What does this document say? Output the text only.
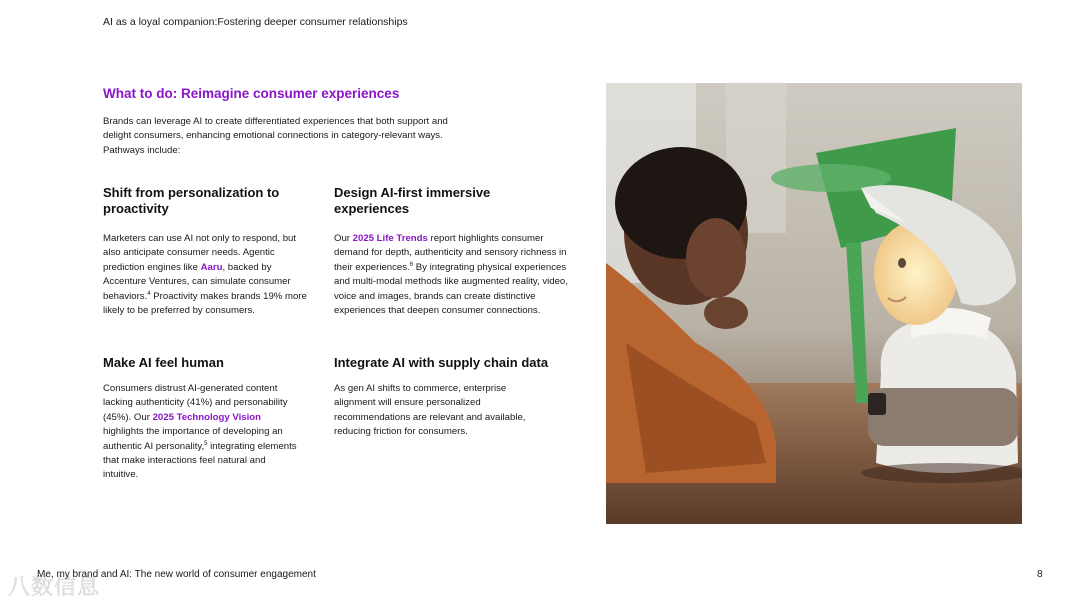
AI as a loyal companion:Fostering deeper consumer relationships
What to do: Reimagine consumer experiences
Brands can leverage AI to create differentiated experiences that both support and delight consumers, enhancing emotional connections in category-relevant ways. Pathways include:
Shift from personalization to proactivity
Marketers can use AI not only to respond, but also anticipate consumer needs. Agentic prediction engines like Aaru, backed by Accenture Ventures, can simulate consumer behaviors.$^4$ Proactivity makes brands 19% more likely to be preferred by consumers.
Design AI-first immersive experiences
Our 2025 Life Trends report highlights consumer demand for depth, authenticity and sensory richness in their experiences.$^6$ By integrating physical experiences and multi-modal methods like augmented reality, video, voice and images, brands can create distinctive experiences that deepen consumer connections.
Make AI feel human
Consumers distrust AI-generated content lacking authenticity (41%) and personability (45%). Our 2025 Technology Vision highlights the importance of developing an authentic AI personality,$^5$ integrating elements that make interactions feel natural and intuitive.
Integrate AI with supply chain data
As gen AI shifts to commerce, enterprise alignment will ensure personalized recommendations are relevant and available, reducing friction for consumers.
八数信息
Me, my brand and AI: The new world of consumer engagement	8
